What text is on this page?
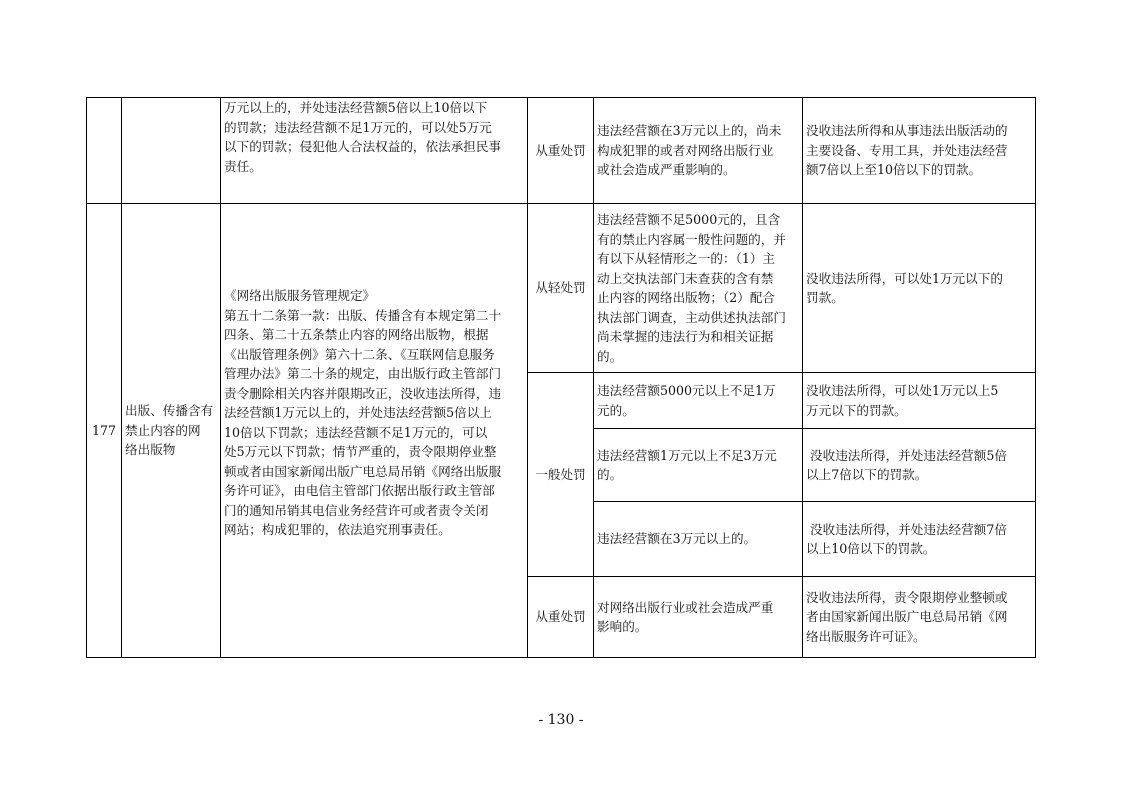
万元以上的，并处违法经营额5倍以上10倍以下
的罚款；违法经营额不足1万元的，可以处5万元
以下的罚款；侵犯他人合法权益的，依法承担民事
责任。
从重处罚
违法经营额在3万元以上的，尚未
构成犯罪的或者对网络出版行业
或社会造成严重影响的。
没收违法所得和从事违法出版活动的
主要设备、专用工具，并处违法经营
额7倍以上至10倍以下的罚款。
177
出版、传播含有
禁止内容的网
络出版物
《网络出版服务管理规定》
第五十二条第一款：出版、传播含有本规定第二十
四条、第二十五条禁止内容的网络出版物，根据
《出版管理条例》第六十二条、《互联网信息服务
管理办法》第二十条的规定，由出版行政主管部门
责令删除相关内容并限期改正，没收违法所得，违
法经营额1万元以上的，并处违法经营额5倍以上
10倍以下罚款；违法经营额不足1万元的，可以
处5万元以下罚款；情节严重的，责令限期停业整
顿或者由国家新闻出版广电总局吊销《网络出版服
务许可证》，由电信主管部门依据出版行政主管部
门的通知吊销其电信业务经营许可或者责令关闭
网站；构成犯罪的，依法追究刑事责任。
从轻处罚
违法经营额不足5000元的，且含
有的禁止内容属一般性问题的，并
有以下从轻情形之一的：（1）主
动上交执法部门未查获的含有禁
止内容的网络出版物；（2）配合
执法部门调查，主动供述执法部门
尚未掌握的违法行为和相关证据
的。
没收违法所得，可以处1万元以下的
罚款。
一般处罚
违法经营额5000元以上不足1万
元的。
没收违法所得，可以处1万元以上5
万元以下的罚款。
违法经营额1万元以上不足3万元
的。
没收违法所得，并处违法经营额5倍
以上7倍以下的罚款。
违法经营额在3万元以上的。
没收违法所得，并处违法经营额7倍
以上10倍以下的罚款。
从重处罚
对网络出版行业或社会造成严重
影响的。
没收违法所得，责令限期停业整顿或
者由国家新闻出版广电总局吊销《网
络出版服务许可证》。
- 130 -
